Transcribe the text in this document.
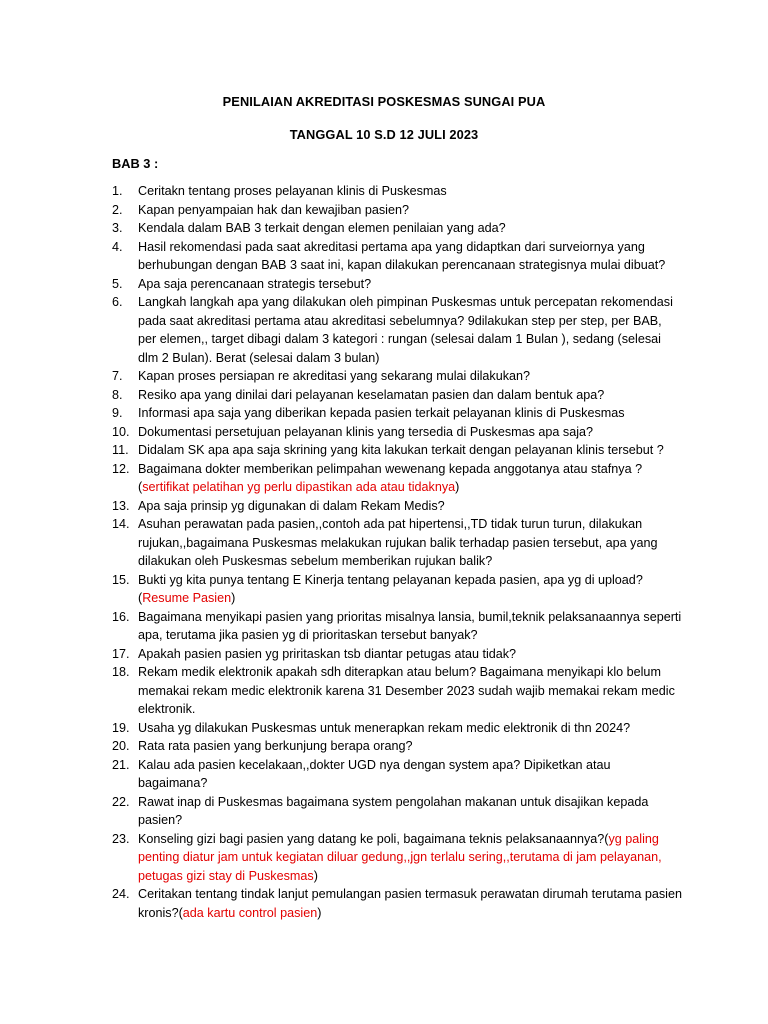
PENILAIAN AKREDITASI POSKESMAS SUNGAI PUA
TANGGAL 10 S.D 12 JULI 2023
BAB 3 :
1.	Ceritakn tentang proses pelayanan klinis di Puskesmas
2.	Kapan penyampaian hak dan kewajiban pasien?
3.	Kendala dalam BAB 3 terkait dengan elemen penilaian yang ada?
4.	Hasil rekomendasi pada saat akreditasi pertama apa yang didaptkan dari surveiornya yang berhubungan dengan BAB 3 saat ini, kapan dilakukan perencanaan strategisnya mulai dibuat?
5.	Apa saja perencanaan strategis tersebut?
6.	Langkah langkah apa yang dilakukan oleh pimpinan Puskesmas untuk percepatan rekomendasi pada saat akreditasi pertama atau akreditasi sebelumnya? 9dilakukan step per step, per BAB, per elemen,, target dibagi dalam 3 kategori : rungan (selesai dalam 1 Bulan ), sedang (selesai dlm 2 Bulan). Berat (selesai dalam 3 bulan)
7.	Kapan proses persiapan re akreditasi yang sekarang mulai dilakukan?
8.	Resiko apa yang dinilai dari pelayanan keselamatan pasien dan dalam bentuk apa?
9.	Informasi apa saja yang diberikan kepada pasien terkait pelayanan klinis di Puskesmas
10. Dokumentasi persetujuan pelayanan klinis yang tersedia di Puskesmas apa saja?
11. Didalam SK apa apa saja skrining yang kita lakukan terkait dengan pelayanan klinis tersebut ?
12. Bagaimana dokter memberikan pelimpahan wewenang kepada anggotanya atau stafnya ? (sertifikat pelatihan yg perlu dipastikan ada atau tidaknya)
13. Apa saja prinsip yg digunakan di dalam Rekam Medis?
14. Asuhan perawatan pada pasien,,contoh ada pat hipertensi,,TD tidak turun turun, dilakukan rujukan,,bagaimana Puskesmas melakukan rujukan balik terhadap pasien tersebut, apa yang dilakukan oleh Puskesmas sebelum memberikan rujukan balik?
15. Bukti yg kita punya tentang E Kinerja tentang pelayanan kepada pasien, apa yg di upload? (Resume Pasien)
16. Bagaimana menyikapi pasien yang prioritas misalnya lansia, bumil,teknik pelaksanaannya seperti apa, terutama jika pasien yg di prioritaskan tersebut banyak?
17. Apakah pasien pasien yg priritaskan tsb diantar petugas atau tidak?
18. Rekam medik elektronik apakah sdh diterapkan atau belum? Bagaimana menyikapi klo belum memakai rekam medic elektronik karena 31 Desember 2023 sudah wajib memakai rekam medic elektronik.
19. Usaha yg dilakukan Puskesmas untuk menerapkan rekam medic elektronik di thn 2024?
20. Rata rata pasien yang berkunjung berapa orang?
21. Kalau ada pasien kecelakaan,,dokter UGD nya dengan system apa? Dipiketkan atau bagaimana?
22. Rawat inap di Puskesmas bagaimana system pengolahan makanan untuk disajikan kepada pasien?
23. Konseling gizi bagi pasien yang datang ke poli, bagaimana teknis pelaksanaannya?(yg paling penting diatur jam untuk kegiatan diluar gedung,,jgn terlalu sering,,terutama di jam pelayanan, petugas gizi stay di Puskesmas)
24. Ceritakan tentang tindak lanjut pemulangan pasien termasuk perawatan dirumah terutama pasien kronis?(ada kartu control pasien)
